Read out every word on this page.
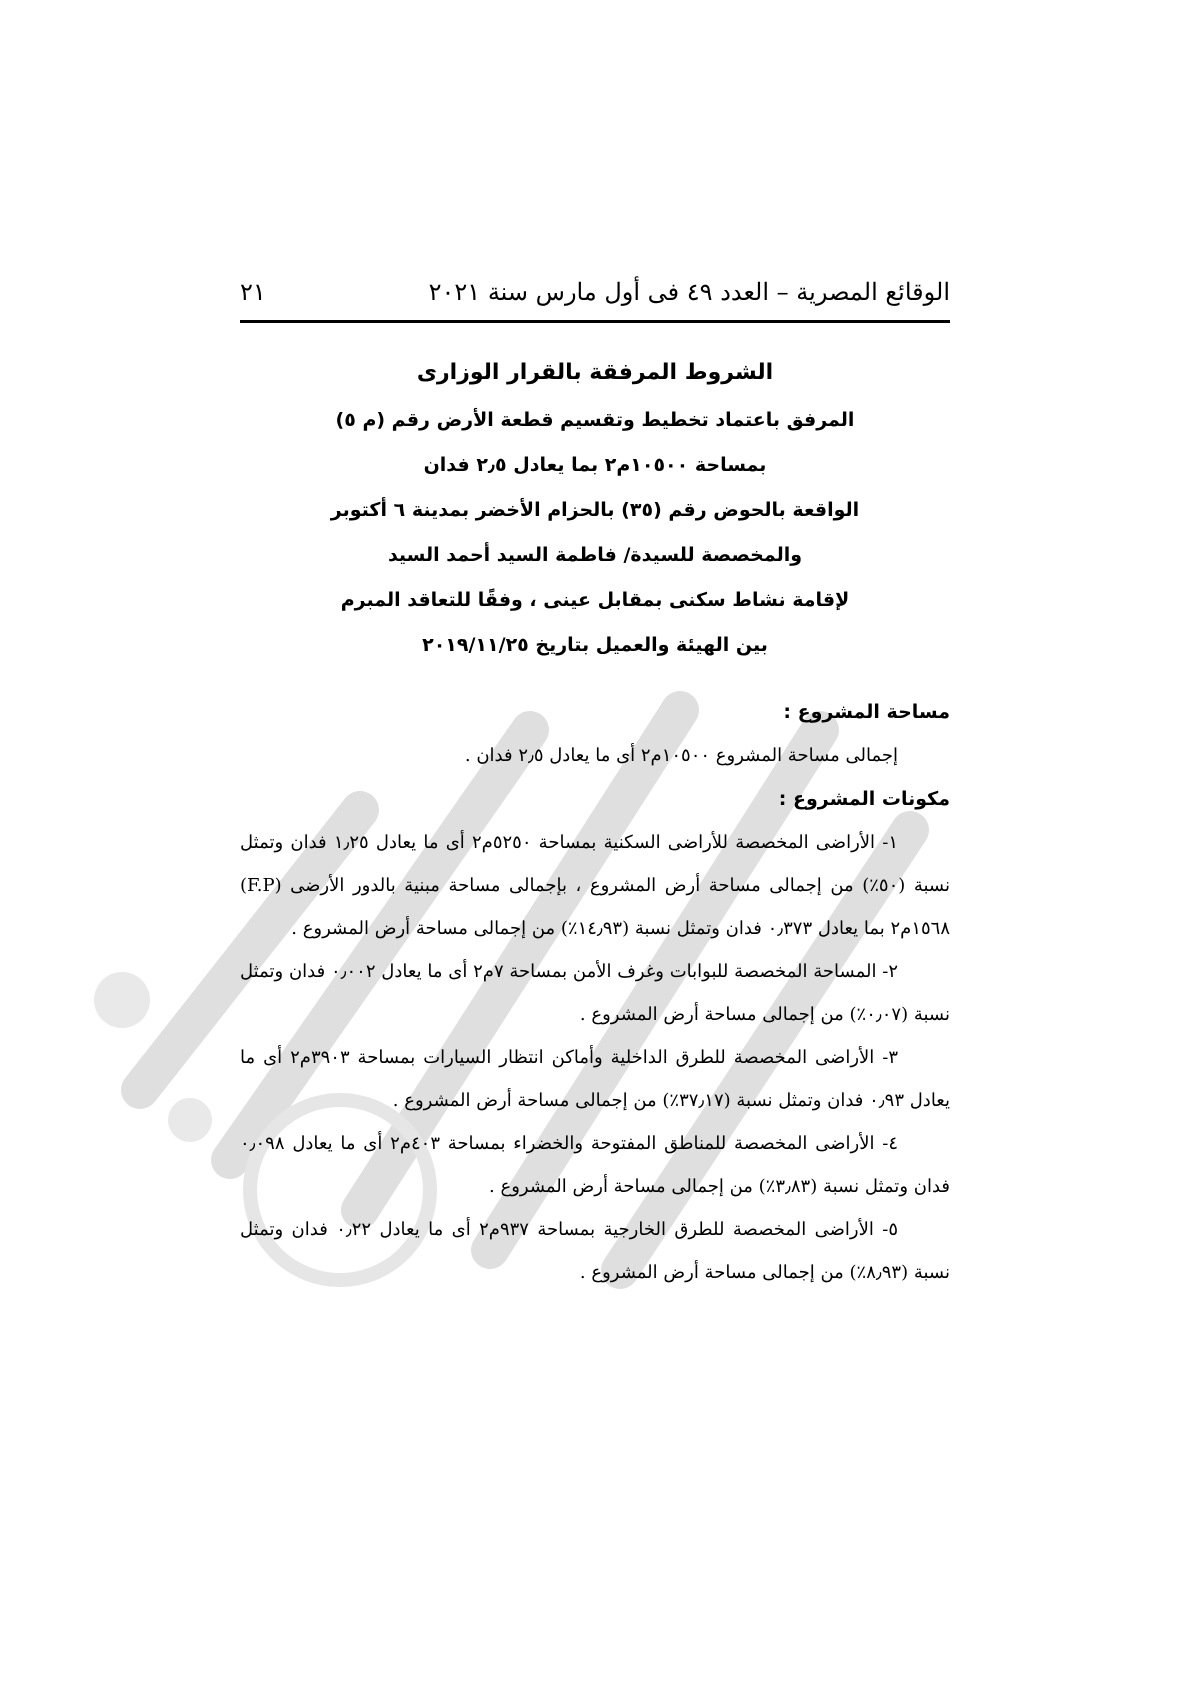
الوقائع المصرية – العدد ٤٩ فى أول مارس سنة ٢٠٢١
٢١
الشروط المرفقة بالقرار الوزارى
المرفق باعتماد تخطيط وتقسيم قطعة الأرض رقم (م ٥)
بمساحة ١٠٥٠٠م٢ بما يعادل ٢٫٥ فدان
الواقعة بالحوض رقم (٣٥) بالحزام الأخضر بمدينة ٦ أكتوبر
والمخصصة للسيدة/ فاطمة السيد أحمد السيد
لإقامة نشاط سكنى بمقابل عينى ، وفقًا للتعاقد المبرم
بين الهيئة والعميل بتاريخ ٢٠١٩/١١/٢٥
مساحة المشروع :

إجمالى مساحة المشروع ١٠٥٠٠م٢ أى ما يعادل ٢٫٥ فدان .

مكونات المشروع :

١- الأراضى المخصصة للأراضى السكنية بمساحة ٥٢٥٠م٢ أى ما يعادل ١٫٢٥ فدان وتمثل نسبة (٥٠٪) من إجمالى مساحة أرض المشروع ، بإجمالى مساحة مبنية بالدور الأرضى (F.P) ١٥٦٨م٢ بما يعادل ٠٫٣٧٣ فدان وتمثل نسبة (١٤٫٩٣٪) من إجمالى مساحة أرض المشروع .

٢- المساحة المخصصة للبوابات وغرف الأمن بمساحة ٧م٢ أى ما يعادل ٠٫٠٠٢ فدان وتمثل نسبة (٠٫٠٧٪) من إجمالى مساحة أرض المشروع .

٣- الأراضى المخصصة للطرق الداخلية وأماكن انتظار السيارات بمساحة ٣٩٠٣م٢ أى ما يعادل ٠٫٩٣ فدان وتمثل نسبة (٣٧٫١٧٪) من إجمالى مساحة أرض المشروع .

٤- الأراضى المخصصة للمناطق المفتوحة والخضراء بمساحة ٤٠٣م٢ أى ما يعادل ٠٫٠٩٨ فدان وتمثل نسبة (٣٫٨٣٪) من إجمالى مساحة أرض المشروع .

٥- الأراضى المخصصة للطرق الخارجية بمساحة ٩٣٧م٢ أى ما يعادل ٠٫٢٢ فدان وتمثل نسبة (٨٫٩٣٪) من إجمالى مساحة أرض المشروع .
